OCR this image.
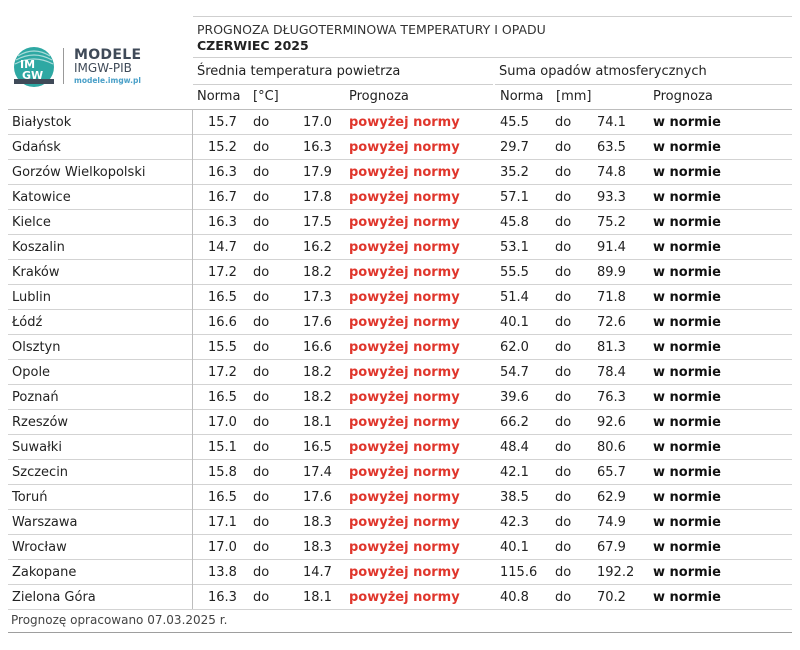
IM
GW
MODELE
IMGW-PIB
modele.imgw.pl
PROGNOZA DŁUGOTERMINOWA TEMPERATURY I OPADU
CZERWIEC 2025
Średnia temperatura powietrza	Suma opadów atmosferycznych
Norma [°C]	Prognoza	Norma [mm]	Prognoza
Białystok	15.7 do	17.0 powyżej normy	45.5 do 74.1 w normie
Gdańsk	15.2 do	16.3 powyżej normy	29.7 do 63.5 w normie
Gorzów Wielkopolski	16.3 do	17.9 powyżej normy	35.2 do 74.8 w normie
Katowice	16.7 do	17.8 powyżej normy	57.1 do 93.3 w normie
Kielce	16.3 do	17.5 powyżej normy	45.8 do 75.2 w normie
Koszalin	14.7 do	16.2 powyżej normy	53.1 do 91.4 w normie
Kraków	17.2 do	18.2 powyżej normy	55.5 do 89.9 w normie
Lublin	16.5 do	17.3 powyżej normy	51.4 do 71.8 w normie
Łódź	16.6 do	17.6 powyżej normy	40.1 do 72.6 w normie
Olsztyn	15.5 do	16.6 powyżej normy	62.0 do 81.3 w normie
Opole	17.2 do	18.2 powyżej normy	54.7 do 78.4 w normie
Poznań	16.5 do	18.2 powyżej normy	39.6 do 76.3 w normie
Rzeszów	17.0 do	18.1 powyżej normy	66.2 do 92.6 w normie
Suwałki	15.1 do	16.5 powyżej normy	48.4 do 80.6 w normie
Szczecin	15.8 do	17.4 powyżej normy	42.1 do 65.7 w normie
Toruń	16.5 do	17.6 powyżej normy	38.5 do 62.9 w normie
Warszawa	17.1 do	18.3 powyżej normy	42.3 do 74.9 w normie
Wrocław	17.0 do	18.3 powyżej normy	40.1 do 67.9 w normie
Zakopane	13.8 do	14.7 powyżej normy	115.6 do 192.2 w normie
Zielona Góra	16.3 do	18.1 powyżej normy	40.8 do 70.2 w normie
Prognozę opracowano 07.03.2025 r.
